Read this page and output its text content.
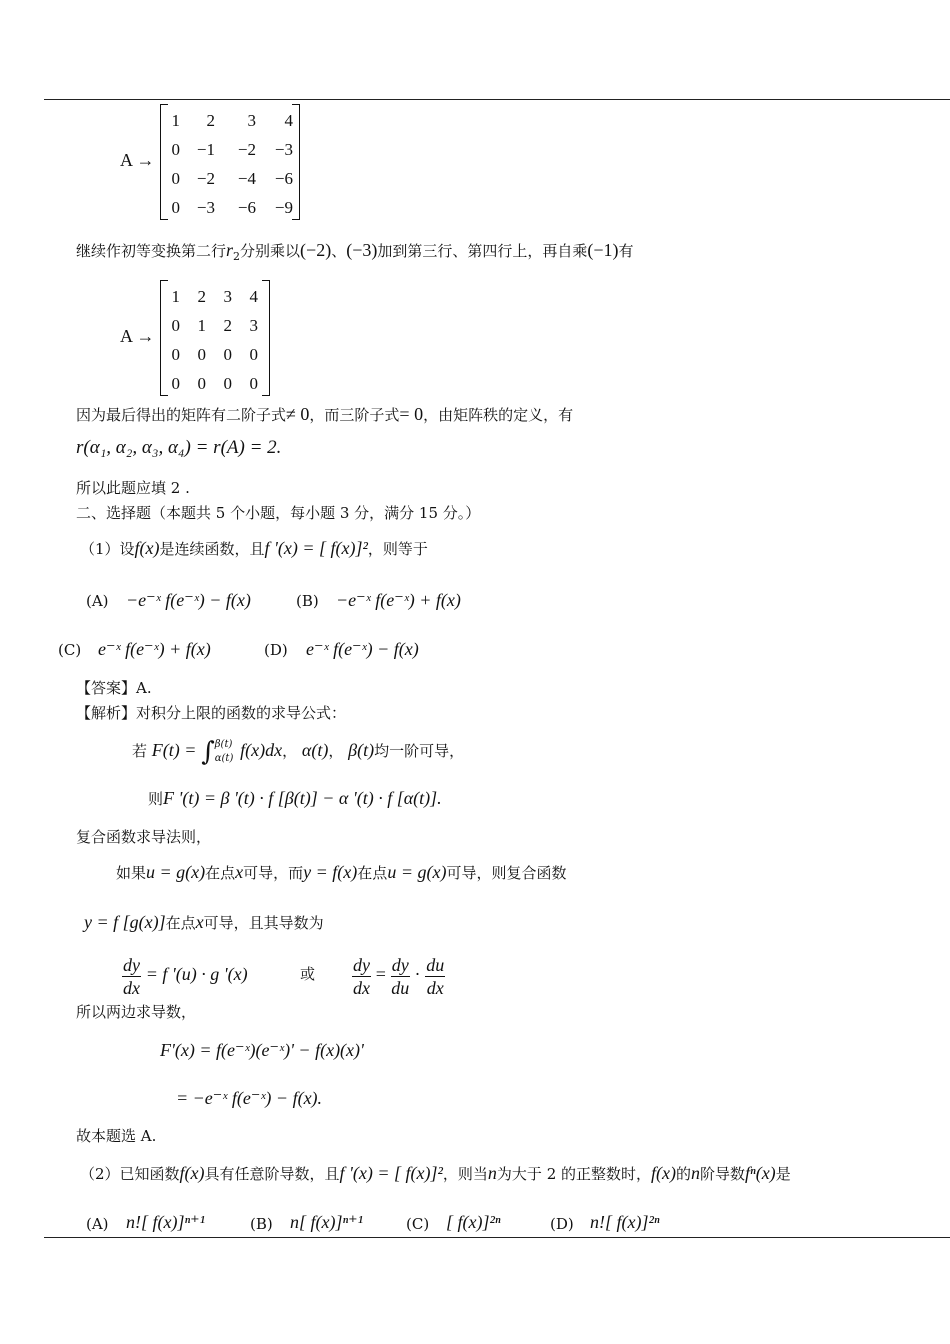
A →
1	2	3	4
0 −1	−2	−3
0 −2	−4	−6
0 −3	−6	−9
继续作初等变换第二行$r_2$分别乘以(−2)、(−3)加到第三行、第四行上，再自乘(−1)有
A →
1	2	3	4
0	1	2	3
0	0	0	0
0	0	0	0
因为最后得出的矩阵有二阶子式≠ 0，而三阶子式= 0，由矩阵秩的定义，有
r(α₁, α₂, α₃, α₄) = r(A) = 2.
所以此题应填 2 .
二、选择题（本题共 5 个小题，每小题 3 分，满分 15 分。）
（1）设f(x)是连续函数，且f '(x) = [ f(x)]²，则等于
(A) −e⁻ˣ f(e⁻ˣ) − f(x)	(B) −e⁻ˣ f(e⁻ˣ) + f(x)
(C) e⁻ˣ f(e⁻ˣ) + f(x)	(D) e⁻ˣ f(e⁻ˣ) − f(x)
【答案】A.
【解析】对积分上限的函数的求导公式：
若 F(t) = ∫ β(t)
α(t) f(x)dx， α(t)， β(t)均一阶可导，
则F '(t) = β '(t) · f [β(t)] − α '(t) · f [α(t)].
复合函数求导法则，
如果u = g(x)在点x可导，而y = f(x)在点u = g(x)可导，则复合函数
y = f [g(x)]在点x可导，且其导数为
$\frac{dy}{dx} = f$ '(u) · g '(x)	或 $\frac{dy}{dx} = \frac{dy}{du} \cdot \frac{du}{dx}$
所以两边求导数，
F'(x) = f(e⁻ˣ)(e⁻ˣ)' − f(x)(x)'
= −e⁻ˣ f(e⁻ˣ) − f(x).
故本题选 A.
（2）已知函数f(x)具有任意阶导数，且f '(x) = [ f(x)]²，则当n为大于 2 的正整数时，f(x)的n阶导数fⁿ(x)是
(A) n![ f(x)]ⁿ⁺¹	(B) n[ f(x)]ⁿ⁺¹	(C) [ f(x)]²ⁿ	(D) n![ f(x)]²ⁿ
